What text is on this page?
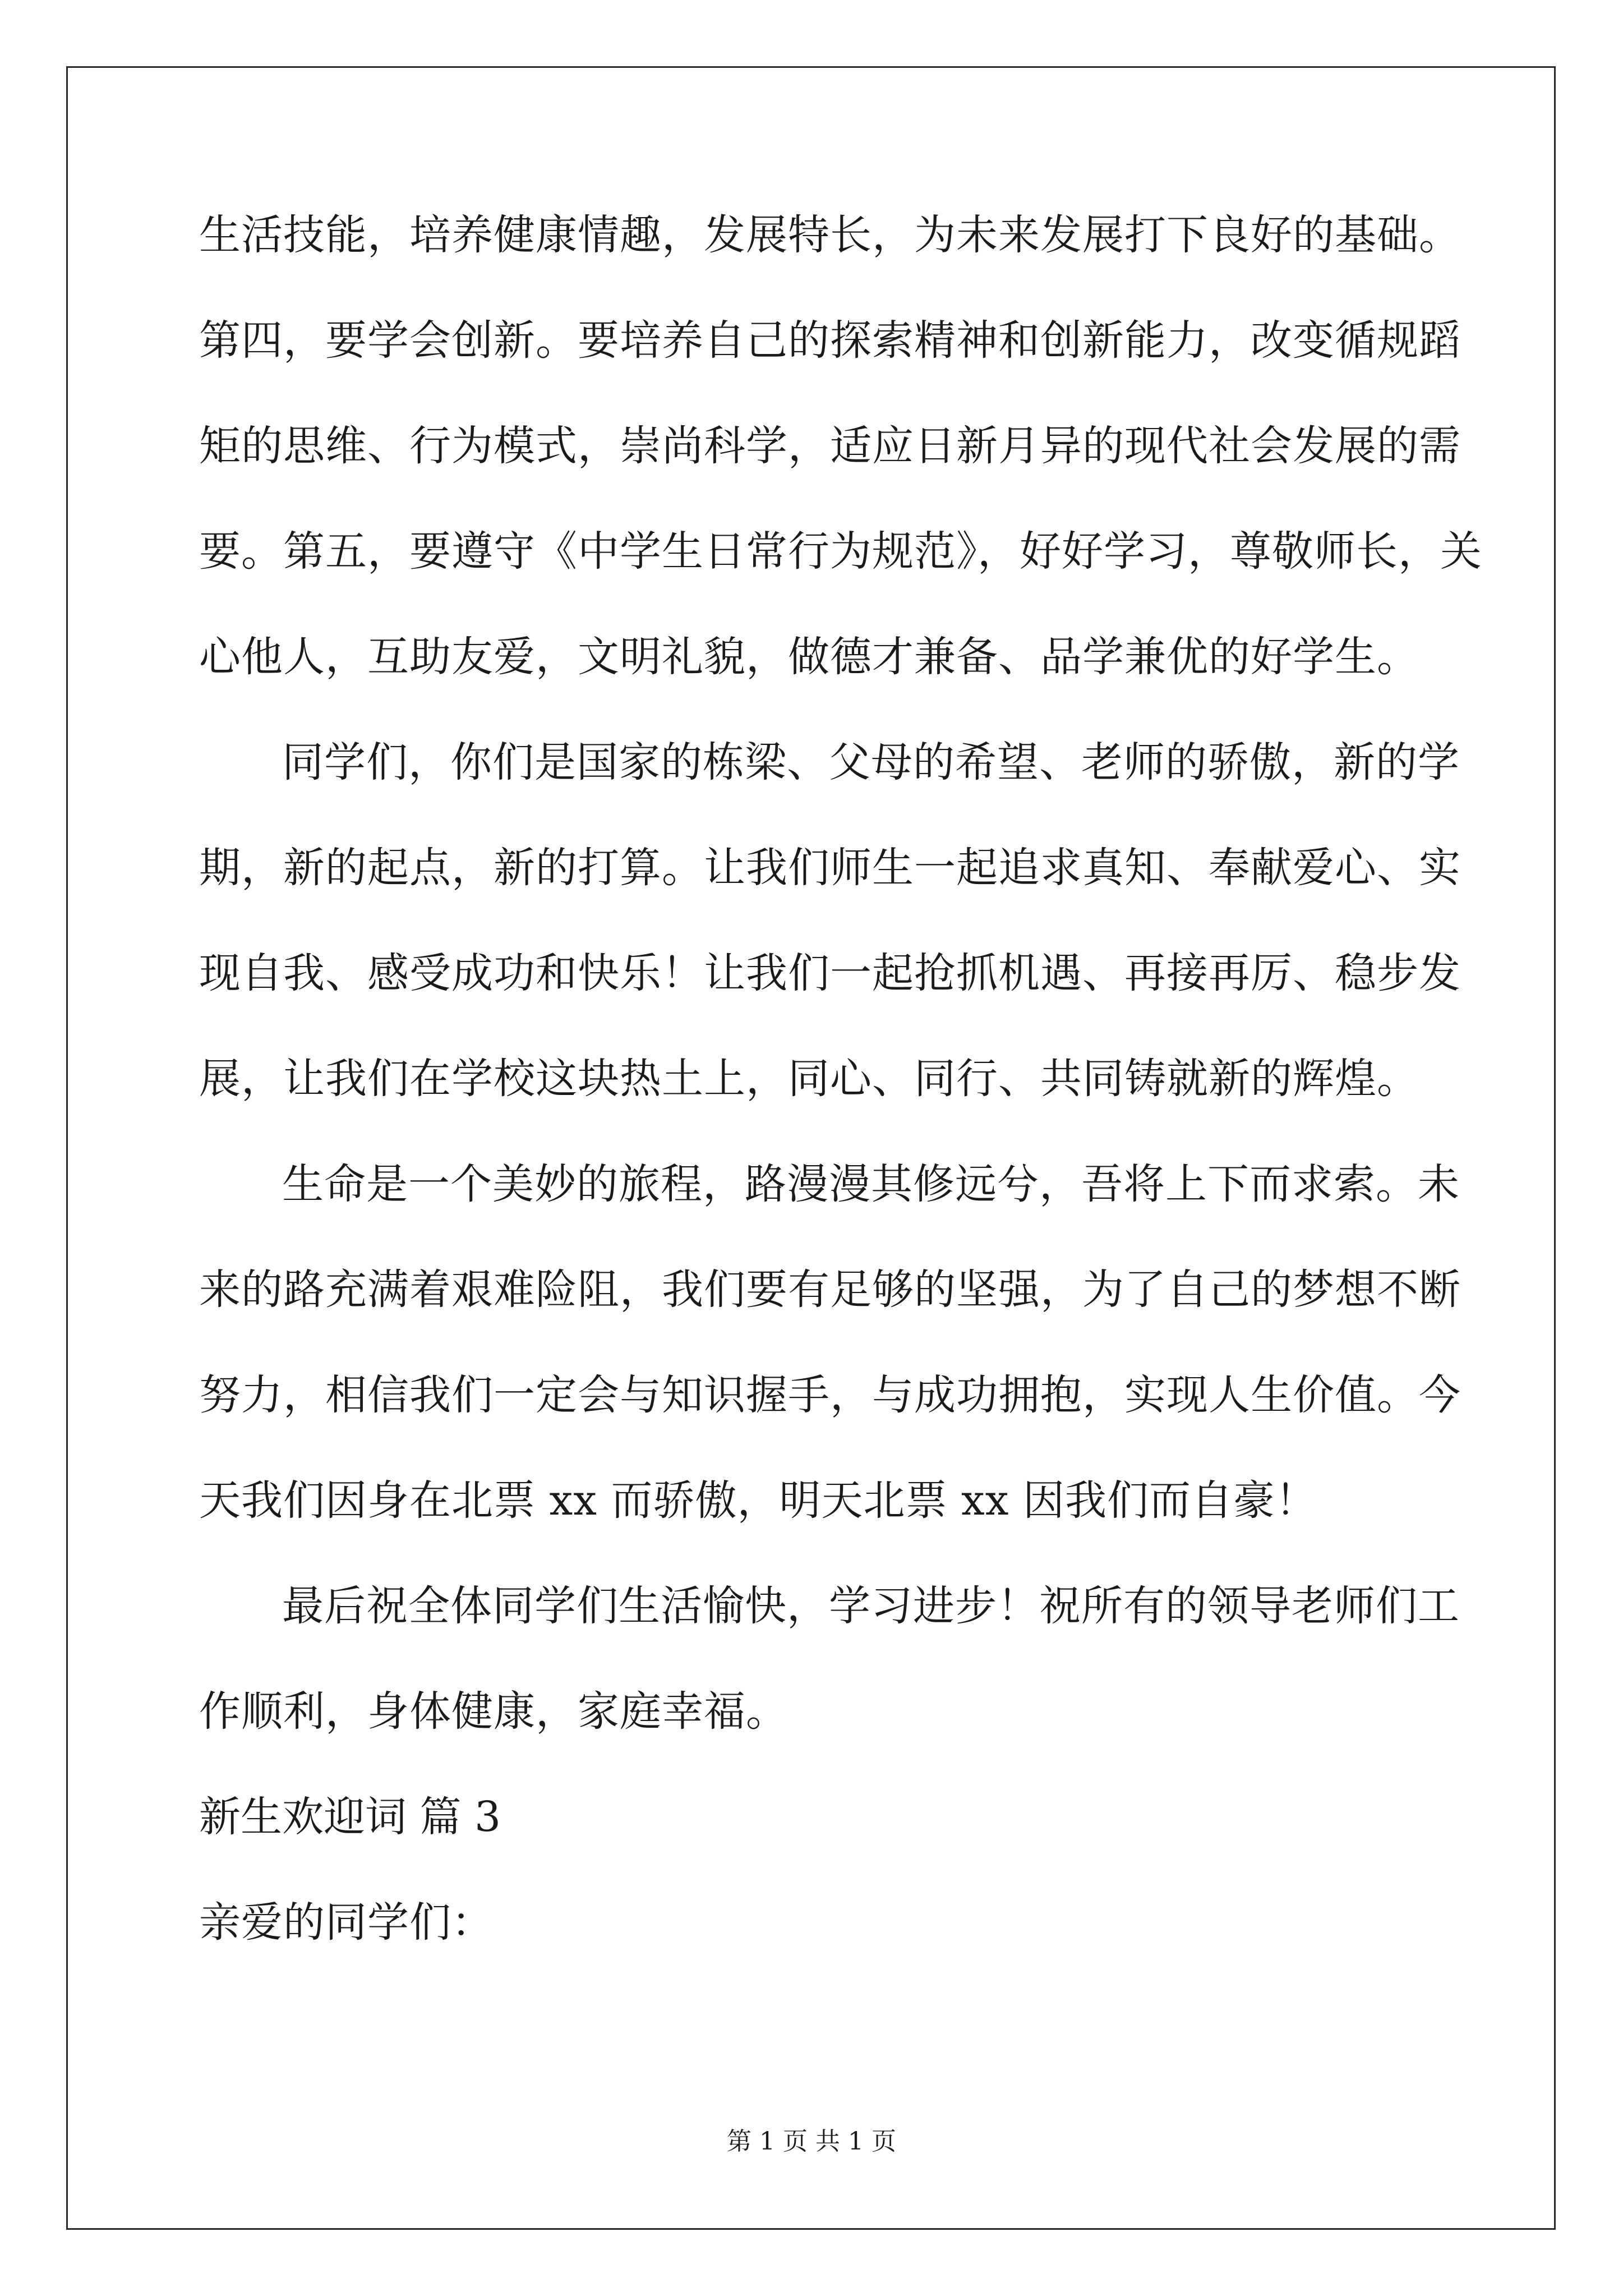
生活技能，培养健康情趣，发展特长，为未来发展打下良好的基础。
第四，要学会创新。要培养自己的探索精神和创新能力，改变循规蹈
矩的思维、行为模式，崇尚科学，适应日新月异的现代社会发展的需
要。第五，要遵守《中学生日常行为规范》，好好学习，尊敬师长，关
心他人，互助友爱，文明礼貌，做德才兼备、品学兼优的好学生。
同学们，你们是国家的栋梁、父母的希望、老师的骄傲，新的学
期，新的起点，新的打算。让我们师生一起追求真知、奉献爱心、实
现自我、感受成功和快乐！让我们一起抢抓机遇、再接再厉、稳步发
展，让我们在学校这块热土上，同心、同行、共同铸就新的辉煌。
生命是一个美妙的旅程，路漫漫其修远兮，吾将上下而求索。未
来的路充满着艰难险阻，我们要有足够的坚强，为了自己的梦想不断
努力，相信我们一定会与知识握手，与成功拥抱，实现人生价值。今
天我们因身在北票 xx 而骄傲，明天北票 xx 因我们而自豪！
最后祝全体同学们生活愉快，学习进步！祝所有的领导老师们工
作顺利，身体健康，家庭幸福。
新生欢迎词 篇 3
亲爱的同学们：
第 1 页 共 1 页
